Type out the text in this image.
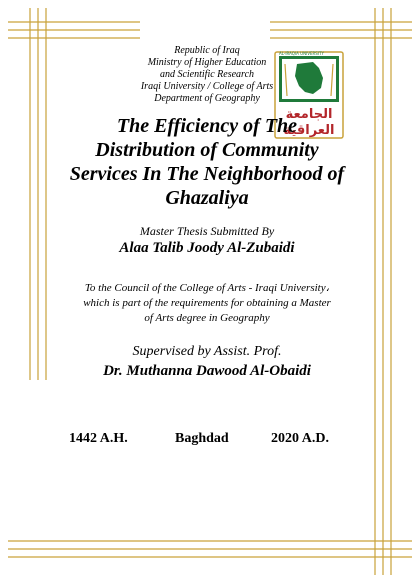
الجامعة
العراقية
AL-IRAQIA UNIVERSITY
Republic of Iraq
Ministry of Higher Education
and Scientific Research
Iraqi University / College of Arts
Department of Geography
The Efficiency of The
Distribution of Community
Services In The Neighborhood of
Ghazaliya
Master Thesis Submitted By
Alaa Talib Joody Al-Zubaidi
To the Council of the College of Arts - Iraqi University،
which is part of the requirements for obtaining a Master
of Arts degree in Geography
Supervised by Assist. Prof.
Dr. Muthanna Dawood Al-Obaidi
1442 A.H.	Baghdad	2020 A.D.
